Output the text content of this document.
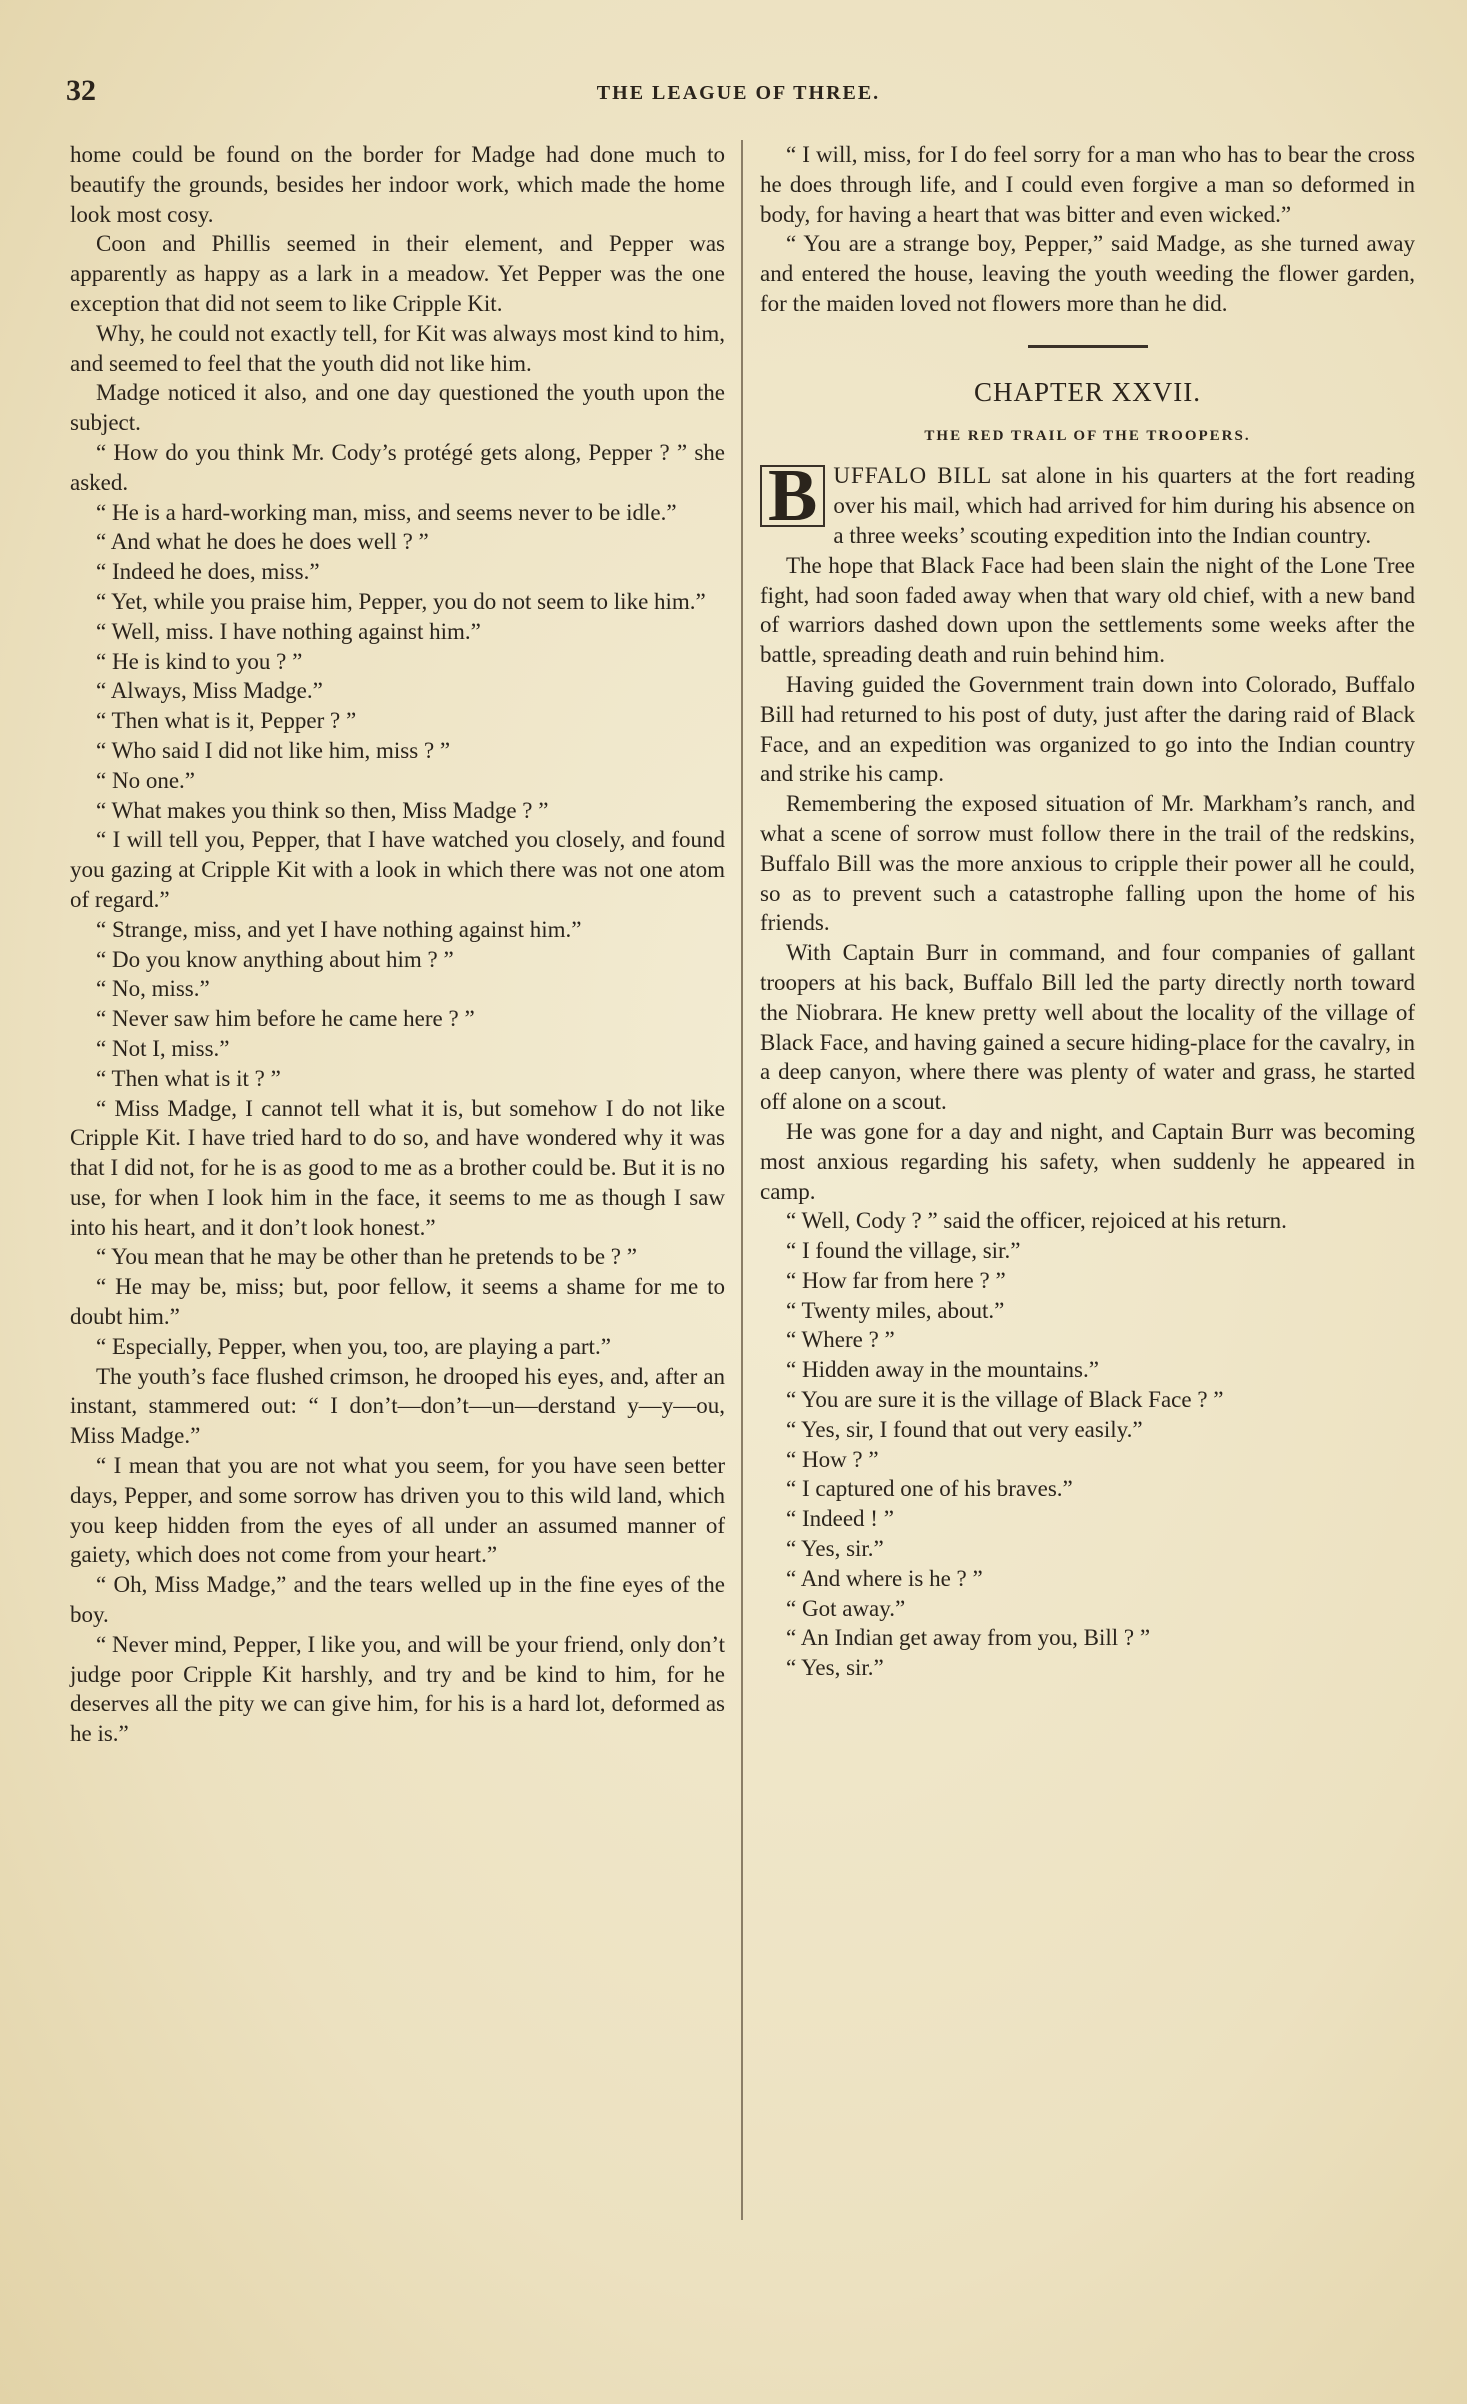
32	THE LEAGUE OF THREE.

home could be found on the border for Madge had done much to beautify the grounds, besides her indoor work, which made the home look most cosy.

Coon and Phillis seemed in their element, and Pepper was apparently as happy as a lark in a meadow. Yet Pepper was the one exception that did not seem to like Cripple Kit.

Why, he could not exactly tell, for Kit was always most kind to him, and seemed to feel that the youth did not like him.

Madge noticed it also, and one day questioned the youth upon the subject.

“ How do you think Mr. Cody’s protégé gets along, Pepper ? ” she asked.

“ He is a hard-working man, miss, and seems never to be idle.”

“ And what he does he does well ? ”

“ Indeed he does, miss.”

“ Yet, while you praise him, Pepper, you do not seem to like him.”

“ Well, miss. I have nothing against him.”

“ He is kind to you ? ”

“ Always, Miss Madge.”

“ Then what is it, Pepper ? ”

“ Who said I did not like him, miss ? ”

“ No one.”

“ What makes you think so then, Miss Madge ? ”

“ I will tell you, Pepper, that I have watched you closely, and found you gazing at Cripple Kit with a look in which there was not one atom of regard.”

“ Strange, miss, and yet I have nothing against him.”

“ Do you know anything about him ? ”

“ No, miss.”

“ Never saw him before he came here ? ”

“ Not I, miss.”

“ Then what is it ? ”

“ Miss Madge, I cannot tell what it is, but somehow I do not like Cripple Kit. I have tried hard to do so, and have wondered why it was that I did not, for he is as good to me as a brother could be. But it is no use, for when I look him in the face, it seems to me as though I saw into his heart, and it don’t look honest.”

“ You mean that he may be other than he pretends to be ? ”

“ He may be, miss; but, poor fellow, it seems a shame for me to doubt him.”

“ Especially, Pepper, when you, too, are playing a part.”

The youth’s face flushed crimson, he drooped his eyes, and, after an instant, stammered out: “ I don’t—don’t—un—derstand y—y—ou, Miss Madge.”

“ I mean that you are not what you seem, for you have seen better days, Pepper, and some sorrow has driven you to this wild land, which you keep hidden from the eyes of all under an assumed manner of gaiety, which does not come from your heart.”

“ Oh, Miss Madge,” and the tears welled up in the fine eyes of the boy.

“ Never mind, Pepper, I like you, and will be your friend, only don’t judge poor Cripple Kit harshly, and try and be kind to him, for he deserves all the pity we can give him, for his is a hard lot, deformed as he is.”

“ I will, miss, for I do feel sorry for a man who has to bear the cross he does through life, and I could even forgive a man so deformed in body, for having a heart that was bitter and even wicked.”

“ You are a strange boy, Pepper,” said Madge, as she turned away and entered the house, leaving the youth weeding the flower garden, for the maiden loved not flowers more than he did.

CHAPTER XXVII.
THE RED TRAIL OF THE TROOPERS.

B UFFALO BILL sat alone in his quarters at the fort reading over his mail, which had arrived for him during his absence on a three weeks’ scouting expedition into the Indian country.

The hope that Black Face had been slain the night of the Lone Tree fight, had soon faded away when that wary old chief, with a new band of warriors dashed down upon the settlements some weeks after the battle, spreading death and ruin behind him.

Having guided the Government train down into Colorado, Buffalo Bill had returned to his post of duty, just after the daring raid of Black Face, and an expedition was organized to go into the Indian country and strike his camp.

Remembering the exposed situation of Mr. Markham’s ranch, and what a scene of sorrow must follow there in the trail of the redskins, Buffalo Bill was the more anxious to cripple their power all he could, so as to prevent such a catastrophe falling upon the home of his friends.

With Captain Burr in command, and four companies of gallant troopers at his back, Buffalo Bill led the party directly north toward the Niobrara. He knew pretty well about the locality of the village of Black Face, and having gained a secure hiding-place for the cavalry, in a deep canyon, where there was plenty of water and grass, he started off alone on a scout.

He was gone for a day and night, and Captain Burr was becoming most anxious regarding his safety, when suddenly he appeared in camp.

“ Well, Cody ? ” said the officer, rejoiced at his return.

“ I found the village, sir.”

“ How far from here ? ”

“ Twenty miles, about.”

“ Where ? ”

“ Hidden away in the mountains.”

“ You are sure it is the village of Black Face ? ”

“ Yes, sir, I found that out very easily.”

“ How ? ”

“ I captured one of his braves.”

“ Indeed ! ”

“ Yes, sir.”

“ And where is he ? ”

“ Got away.”

“ An Indian get away from you, Bill ? ”

“ Yes, sir.”
